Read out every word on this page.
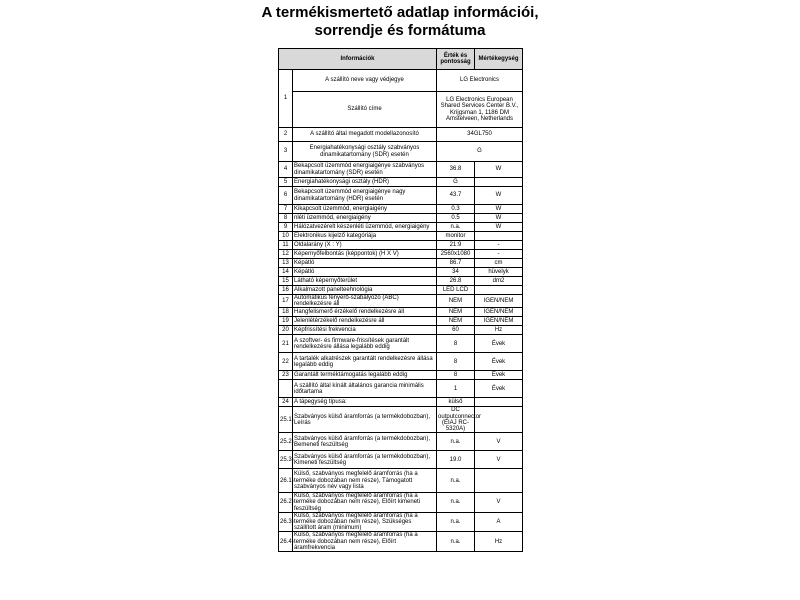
A termékismertető adatlap információi,
sorrendje és formátuma
Információk		Érték és pontosság	Mértékegység
1	A szállító neve vagy védjegye	LG Electronics	
	Szállító címe	LG Electronics European Shared Services Center B.V., Krijgsman 1, 1186 DM Amstelveen, Netherlands	
2	A szállító által megadott modellazonosító	34GL750	
3	Energiahatékonysági osztály szabványos dinamikatartomány (SDR) esetén	G	
4	Bekapcsolt üzemmód energiaigénye szabványos dinamikatartomány (SDR) esetén	36.8	W
5	Energiahatékonysági osztály (HDR)	G	
6	Bekapcsolt üzemmód energiaigénye nagy dinamikatartomány (HDR) esetén	43.7	W
7	Kikapcsolt üzemmód, energiaigény	0.3	W
8	nléti üzemmód, energiaigény	0.5	W
9	Hálózatvezérelt készenléti üzemmód, energiaigény	n.a.	W
10	Elektronikus kijelző kategóriája	monitor	
11	Oldalarány (X : Y)	21:9	-
12	Képernyőfelbontás (képpontok) (H X V)	2560x1080	-
13	Képátló	86.7	cm
14	Képátló	34	hüvelyk
15	Látható képernyőterület	26.8	dm2
16	Alkalmazott panelteehnológia	LED LCD	
17	Automatikus fényerő-szabályozó (ABC) rendelkezésre áll	NEM	IGEN/NEM
18	Hangfelismerő érzékelő rendelkezésre áll	NEM	IGEN/NEM
19	Jelenlétérzékelő rendelkezésre áll	NEM	IGEN/NEM
20	Képfrissítési frekvencia	60	Hz
21	A szoftver- és firmware-frissítések garantált rendelkezésre állása legalább eddig	8	Évek
22	A tartalék alkatrészek garantált rendelkezésre állása legalább eddig	8	Évek
23	Garantált terméktámogatás legalább eddig	8	Évek
	A szállító által kínált általános garancia minimális időtartama	1	Évek
24	A tápegység típusa:	külső	
25.1)	Szabványos külső áramforrás (a termékdobozban), Leírás	DC outputconnector (EIAJ RC-5320A)	
25.2)	Szabványos külső áramforrás (a termékdobozban), Bemeneti feszültség	n.a.	V
25.3)	Szabványos külső áramforrás (a termékdobozban), Kimeneti feszültség	19.0	V
26.1)	Külső, szabványos megfelelő áramforrás (ha a terméke dobozában nem része), Támogatott szabványos név vagy lista	n.a.	
26.2)	Külső, szabványos megfelelő áramforrás (ha a terméke dobozában nem része), Előírt kimeneti feszültség	n.a.	V
26.3)	Külső, szabványos megfelelő áramforrás (ha a terméke dobozában nem része), Szükséges szállított áram (minimum)	n.a.	A
26.4)	Külső, szabványos megfelelő áramforrás (ha a terméke dobozában nem része), Előírt áramfrekvencia	n.a.	Hz
